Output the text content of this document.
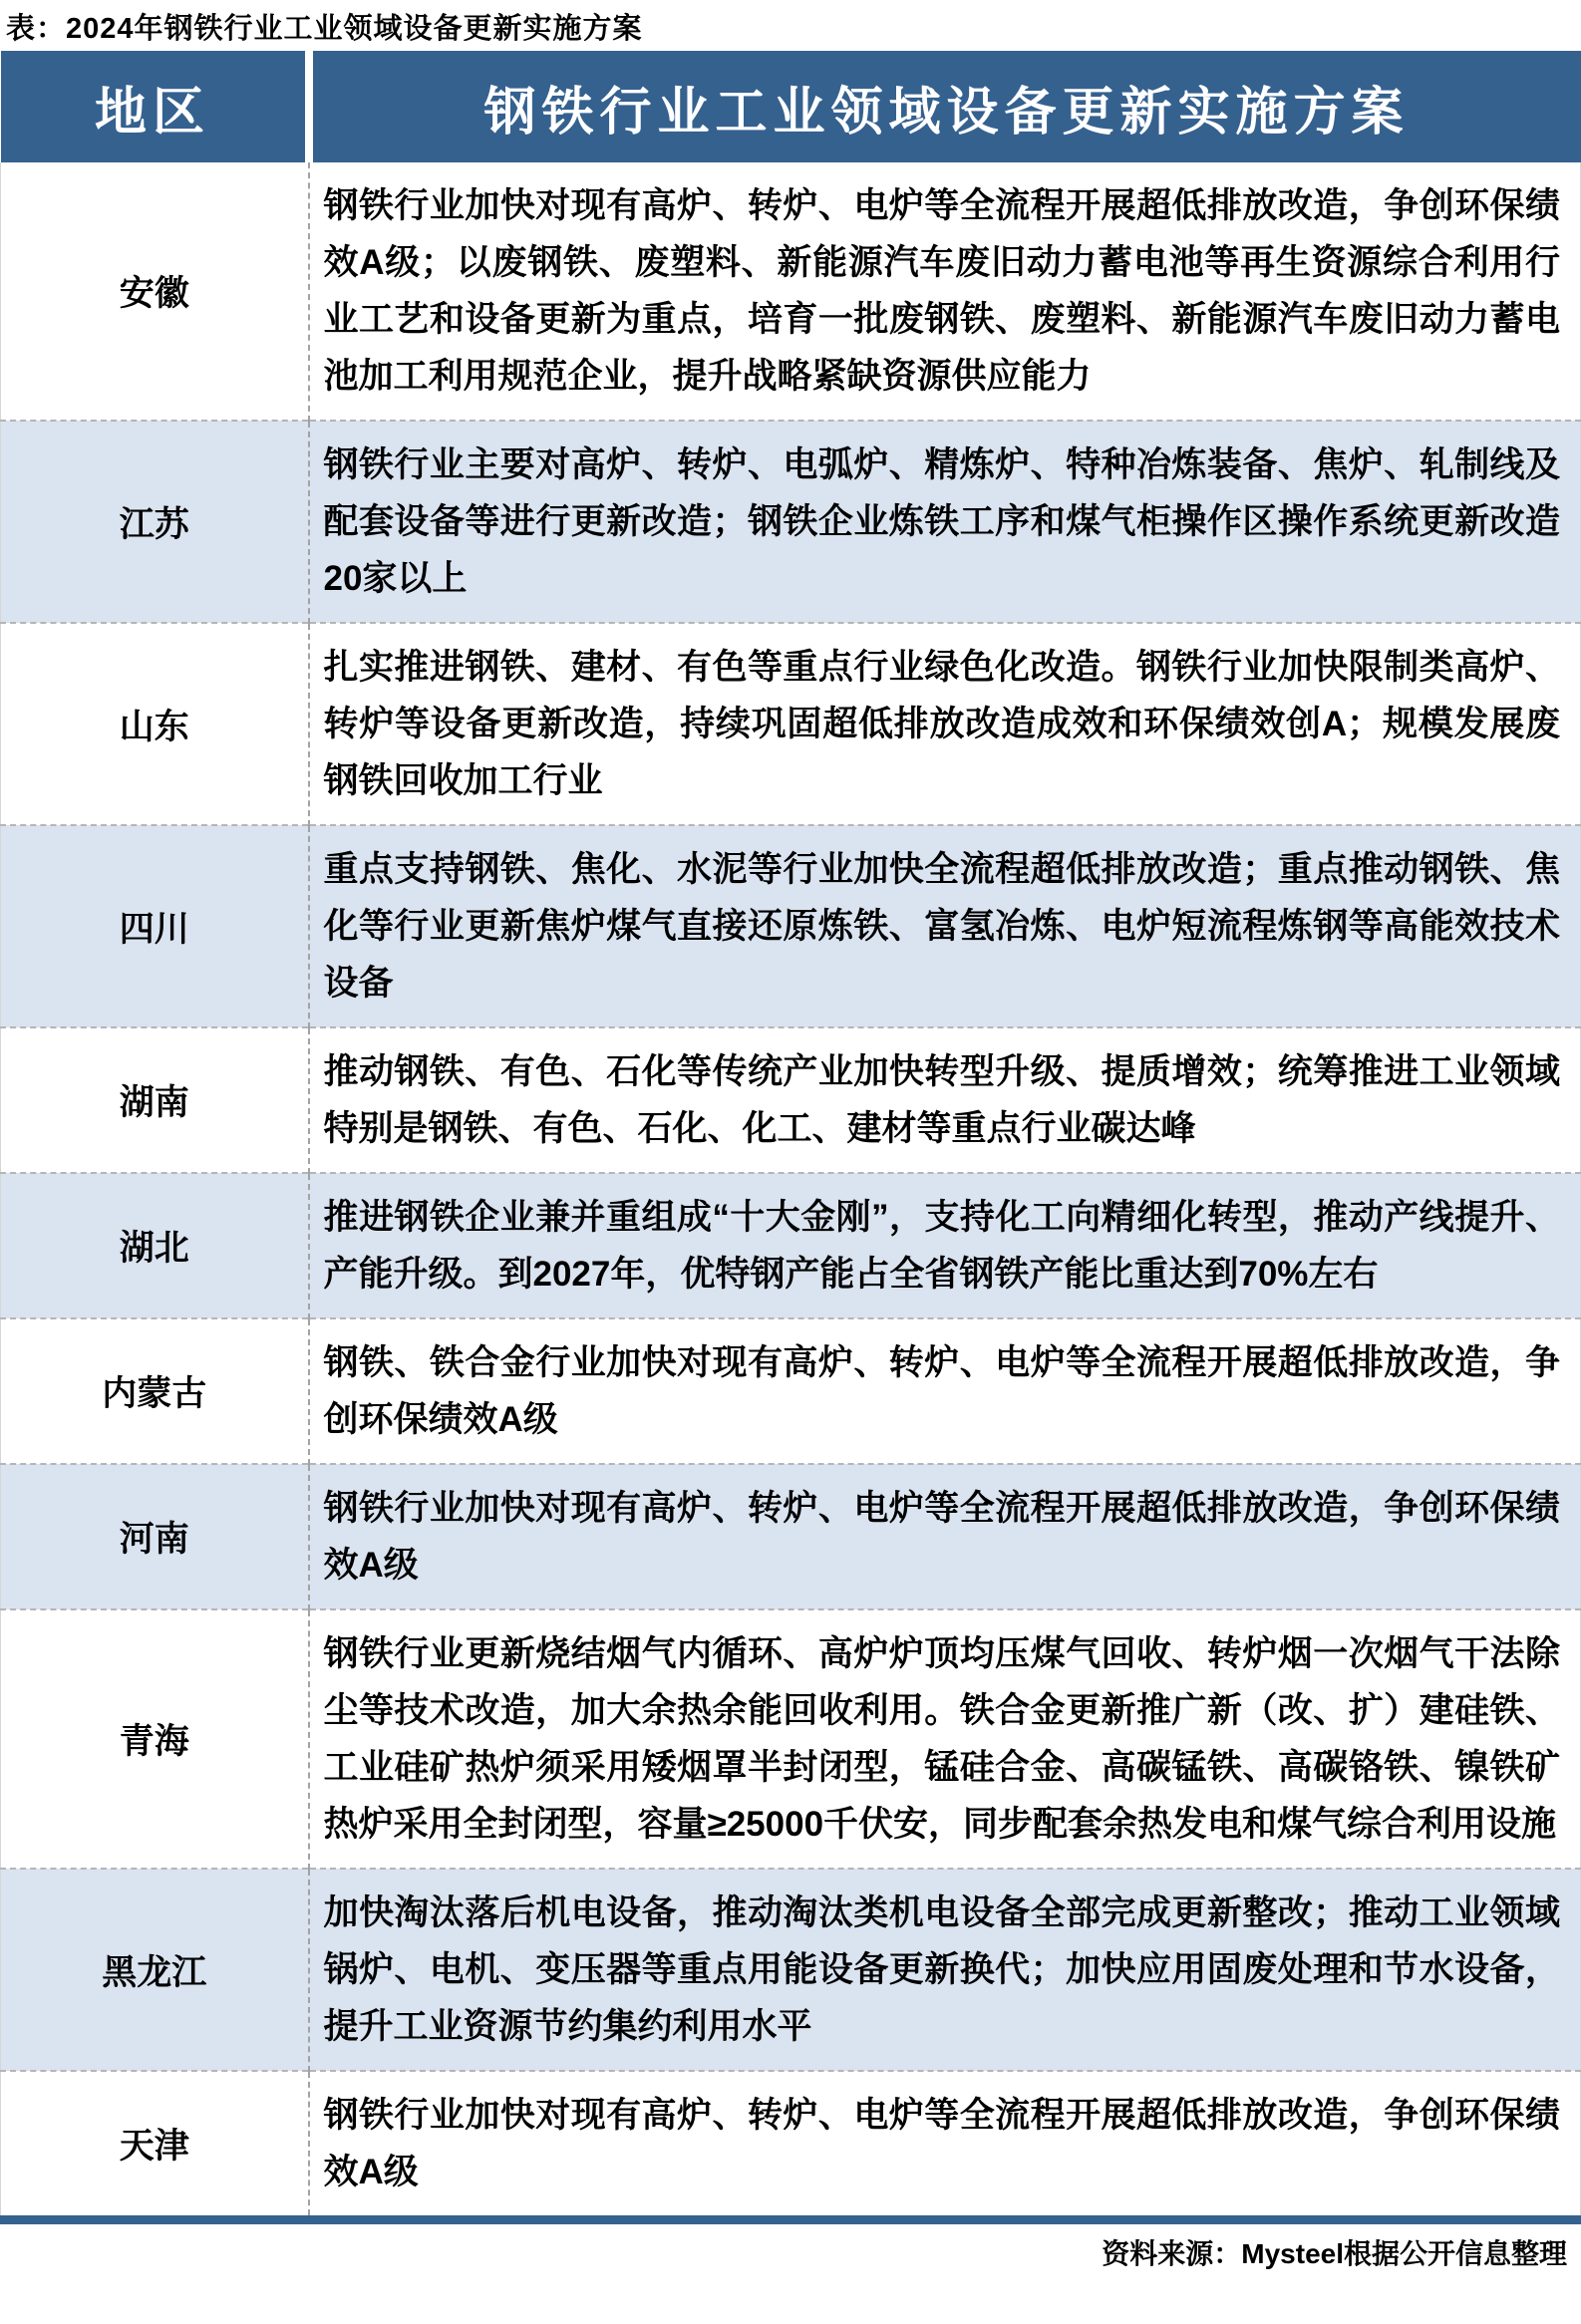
表：2024年钢铁行业工业领域设备更新实施方案
地区	钢铁行业工业领域设备更新实施方案
安徽	钢铁行业加快对现有高炉、转炉、电炉等全流程开展超低排放改造，争创环保绩效A级；以废钢铁、废塑料、新能源汽车废旧动力蓄电池等再生资源综合利用行业工艺和设备更新为重点，培育一批废钢铁、废塑料、新能源汽车废旧动力蓄电池加工利用规范企业，提升战略紧缺资源供应能力
江苏	钢铁行业主要对高炉、转炉、电弧炉、精炼炉、特种冶炼装备、焦炉、轧制线及配套设备等进行更新改造；钢铁企业炼铁工序和煤气柜操作区操作系统更新改造20家以上
山东	扎实推进钢铁、建材、有色等重点行业绿色化改造。钢铁行业加快限制类高炉、转炉等设备更新改造，持续巩固超低排放改造成效和环保绩效创A；规模发展废钢铁回收加工行业
四川	重点支持钢铁、焦化、水泥等行业加快全流程超低排放改造；重点推动钢铁、焦化等行业更新焦炉煤气直接还原炼铁、富氢冶炼、电炉短流程炼钢等高能效技术设备
湖南	推动钢铁、有色、石化等传统产业加快转型升级、提质增效；统筹推进工业领域特别是钢铁、有色、石化、化工、建材等重点行业碳达峰
湖北	推进钢铁企业兼并重组成“十大金刚”，支持化工向精细化转型，推动产线提升、产能升级。到2027年，优特钢产能占全省钢铁产能比重达到70%左右
内蒙古	钢铁、铁合金行业加快对现有高炉、转炉、电炉等全流程开展超低排放改造，争创环保绩效A级
河南	钢铁行业加快对现有高炉、转炉、电炉等全流程开展超低排放改造，争创环保绩效A级
青海	钢铁行业更新烧结烟气内循环、高炉炉顶均压煤气回收、转炉烟一次烟气干法除尘等技术改造，加大余热余能回收利用。铁合金更新推广新（改、扩）建硅铁、工业硅矿热炉须采用矮烟罩半封闭型，锰硅合金、高碳锰铁、高碳铬铁、镍铁矿热炉采用全封闭型，容量≥25000千伏安，同步配套余热发电和煤气综合利用设施
黑龙江	加快淘汰落后机电设备，推动淘汰类机电设备全部完成更新整改；推动工业领域锅炉、电机、变压器等重点用能设备更新换代；加快应用固废处理和节水设备，提升工业资源节约集约利用水平
天津	钢铁行业加快对现有高炉、转炉、电炉等全流程开展超低排放改造，争创环保绩效A级
资料来源：Mysteel根据公开信息整理
